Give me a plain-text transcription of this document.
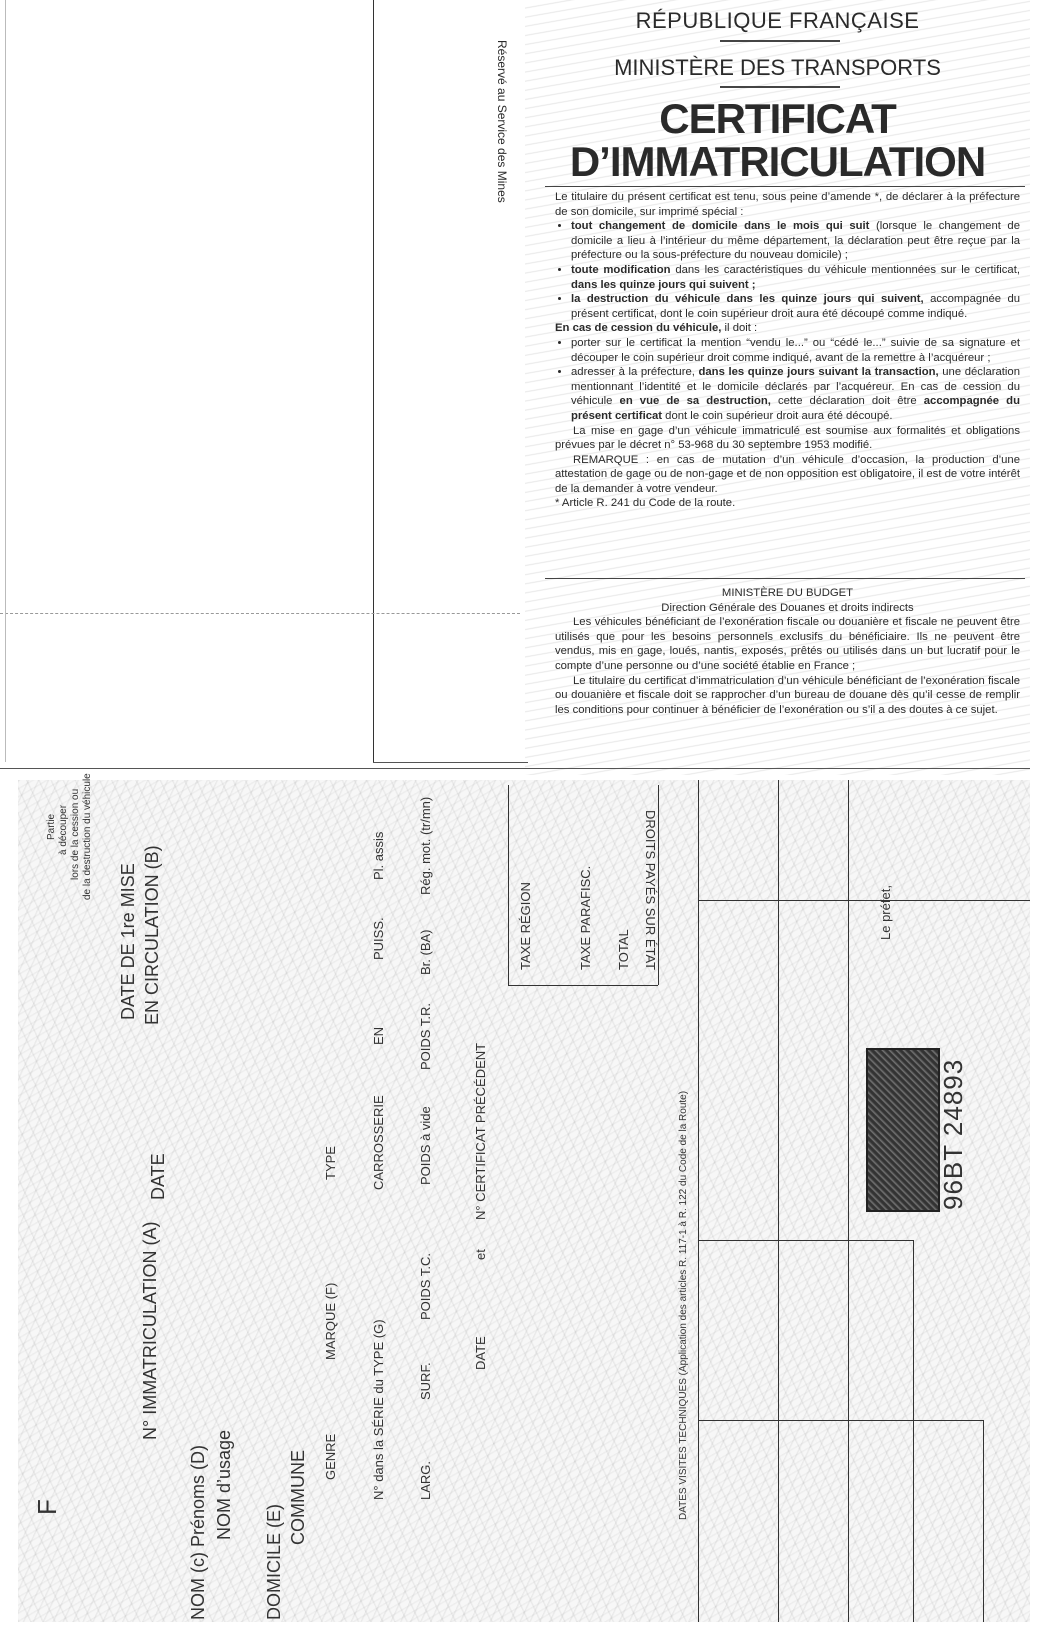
Réservé au Service des Mines
RÉPUBLIQUE FRANÇAISE
MINISTÈRE DES TRANSPORTS
CERTIFICAT
D’IMMATRICULATION

Le titulaire du présent certificat est tenu, sous peine d’amende *, de déclarer à la préfecture de son domicile, sur imprimé spécial :

• tout changement de domicile dans le mois qui suit (lorsque le changement de domicile a lieu à l’intérieur du même département, la déclaration peut être reçue par la préfecture ou la sous-préfecture du nouveau domicile) ;
• toute modification dans les caractéristiques du véhicule mentionnées sur le certificat, dans les quinze jours qui suivent ;
• la destruction du véhicule dans les quinze jours qui suivent, accompagnée du présent certificat, dont le coin supérieur droit aura été découpé comme indiqué.

En cas de cession du véhicule, il doit :

• porter sur le certificat la mention “vendu le...” ou “cédé le...” suivie de sa signature et découper le coin supérieur droit comme indiqué, avant de la remettre à l’acquéreur ;
• adresser à la préfecture, dans les quinze jours suivant la transaction, une déclaration mentionnant l’identité et le domicile déclarés par l’acquéreur. En cas de cession du véhicule en vue de sa destruction, cette déclaration doit être accompagnée du présent certificat dont le coin supérieur droit aura été découpé.

La mise en gage d’un véhicule immatriculé est soumise aux formalités et obligations prévues par le décret n° 53-968 du 30 septembre 1953 modifié.

REMARQUE : en cas de mutation d’un véhicule d’occasion, la production d’une attestation de gage ou de non-gage et de non opposition est obligatoire, il est de votre intérêt de la demander à votre vendeur.

* Article R. 241 du Code de la route.

MINISTÈRE DU BUDGET

Direction Générale des Douanes et droits indirects

Les véhicules bénéficiant de l’exonération fiscale ou douanière et fiscale ne peuvent être utilisés que pour les besoins personnels exclusifs du bénéficiaire. Ils ne peuvent être vendus, mis en gage, loués, nantis, exposés, prêtés ou utilisés dans un but lucratif pour le compte d’une personne ou d’une société établie en France ;

Le titulaire du certificat d’immatriculation d’un véhicule bénéficiant de l’exonération fiscale ou douanière et fiscale doit se rapprocher d’un bureau de douane dès qu’il cesse de remplir les conditions pour continuer à bénéficier de l’exonération ou s’il a des doutes à ce sujet.

Partie à découper lors de la cession ou de la destruction du véhicule
F	NOM (c) Prénoms (D) NOM d’usage
DOMICILE (E)
COMMUNE
N° IMMATRICULATION (A)
DATE
DATE DE 1re MISE EN CIRCULATION (B)
GENRE
MARQUE (F)
TYPE
N° dans la SÉRIE du TYPE (G)
CARROSSERIE
EN
PUISS.
Pl. assis
LARG.
SURF.
POIDS T.C.
POIDS à vide
POIDS T.R.
Br. (BA)
Rég. mot. (tr/mn)
DATE
et
N° CERTIFICAT PRÉCÉDENT
TAXE RÉGION	TAXE PARAFISC. TOTAL DROITS PAYÉS SUR ÉTAT
DATES VISITES TECHNIQUES (Application des articles R. 117-1 à R. 122 du Code de la Route)
Le préfet,
96BT 24893
